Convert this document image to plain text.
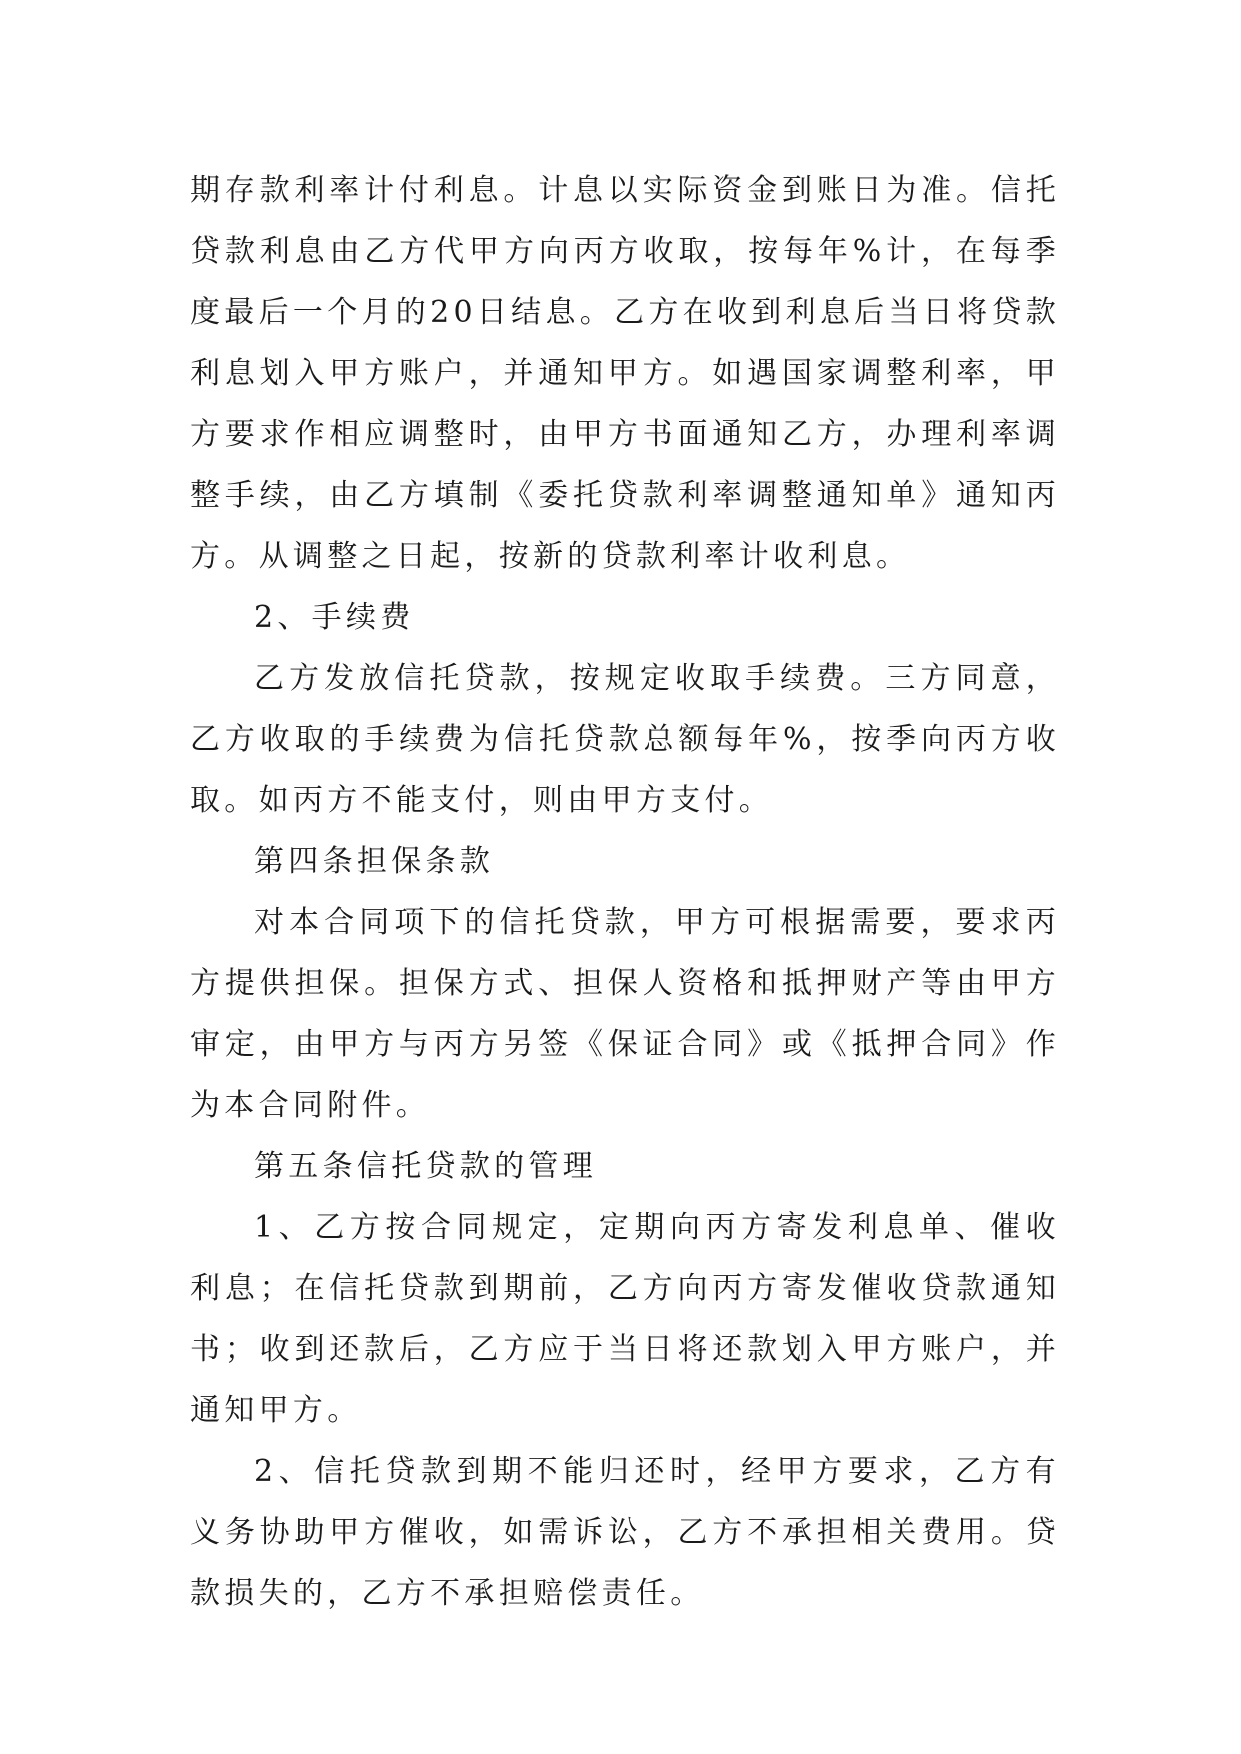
期存款利率计付利息。计息以实际资金到账日为准。信托贷款利息由乙方代甲方向丙方收取，按每年%计，在每季度最后一个月的20日结息。乙方在收到利息后当日将贷款利息划入甲方账户，并通知甲方。如遇国家调整利率，甲方要求作相应调整时，由甲方书面通知乙方，办理利率调整手续，由乙方填制《委托贷款利率调整通知单》通知丙方。从调整之日起，按新的贷款利率计收利息。

2、手续费

乙方发放信托贷款，按规定收取手续费。三方同意，乙方收取的手续费为信托贷款总额每年%，按季向丙方收取。如丙方不能支付，则由甲方支付。

第四条担保条款

对本合同项下的信托贷款，甲方可根据需要，要求丙方提供担保。担保方式、担保人资格和抵押财产等由甲方审定，由甲方与丙方另签《保证合同》或《抵押合同》作为本合同附件。

第五条信托贷款的管理

1、乙方按合同规定，定期向丙方寄发利息单、催收利息；在信托贷款到期前，乙方向丙方寄发催收贷款通知书；收到还款后，乙方应于当日将还款划入甲方账户，并通知甲方。

2、信托贷款到期不能归还时，经甲方要求，乙方有义务协助甲方催收，如需诉讼，乙方不承担相关费用。贷款损失的，乙方不承担赔偿责任。
